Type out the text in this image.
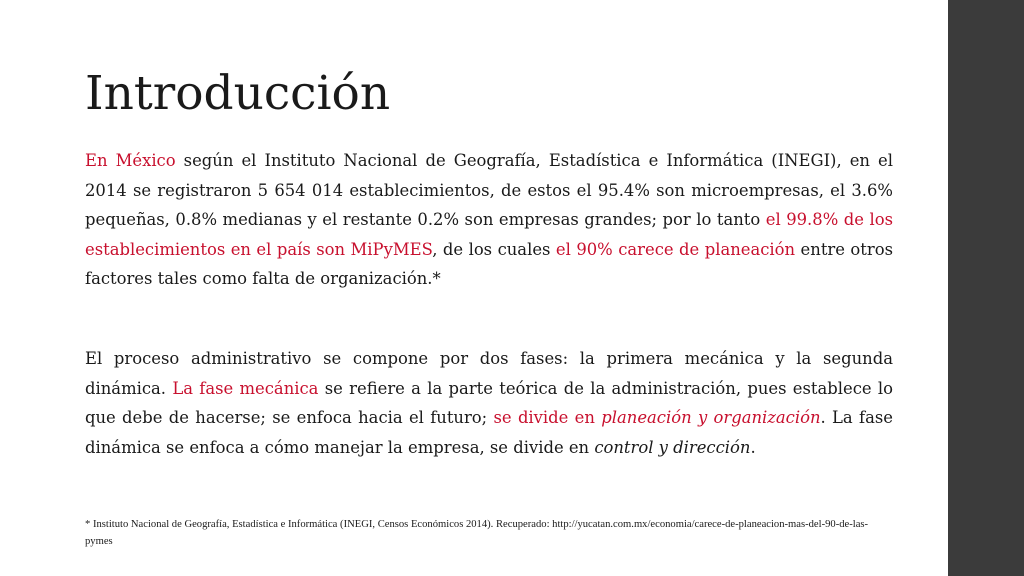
Introducción

En México según el Instituto Nacional de Geografía, Estadística e Informática (INEGI), en el 2014 se registraron 5 654 014 establecimientos, de estos el 95.4% son microempresas, el 3.6% pequeñas, 0.8% medianas y el restante 0.2% son empresas grandes; por lo tanto el 99.8% de los establecimientos en el país son MiPyMES, de los cuales el 90% carece de planeación entre otros factores tales como falta de organización.*

El proceso administrativo se compone por dos fases: la primera mecánica y la segunda dinámica. La fase mecánica se refiere a la parte teórica de la administración, pues establece lo que debe de hacerse; se enfoca hacia el futuro; se divide en planeación y organización. La fase dinámica se enfoca a cómo manejar la empresa, se divide en control y dirección.

* Instituto Nacional de Geografía, Estadística e Informática (INEGI, Censos Económicos 2014). Recuperado: http://yucatan.com.mx/economia/carece-de-planeacion-mas-del-90-de-las-pymes
